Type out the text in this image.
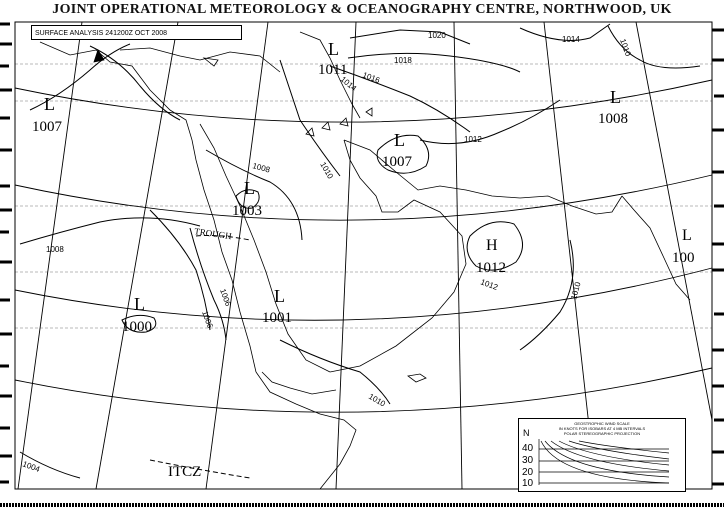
JOINT OPERATIONAL METEOROLOGY & OCEANOGRAPHY CENTRE, NORTHWOOD, UK
L
1007
L
1011
L
1007
L
1008
L
1003
H
1012
L
100
L
1000
L
1001
1020
1018
1016
1014
1014
1010
1012
1010
1008
1008
1006
1006
1012	1010
1010
1004
TROUGH
ITCZ
SURFACE ANALYSIS 241200Z OCT 2008
GEOSTROPHIC WIND SCALE
IN KNOTS FOR ISOBARS AT 4 MB INTERVALS
POLAR STEREOGRAPHIC PROJECTION
N
40
30
20
10
